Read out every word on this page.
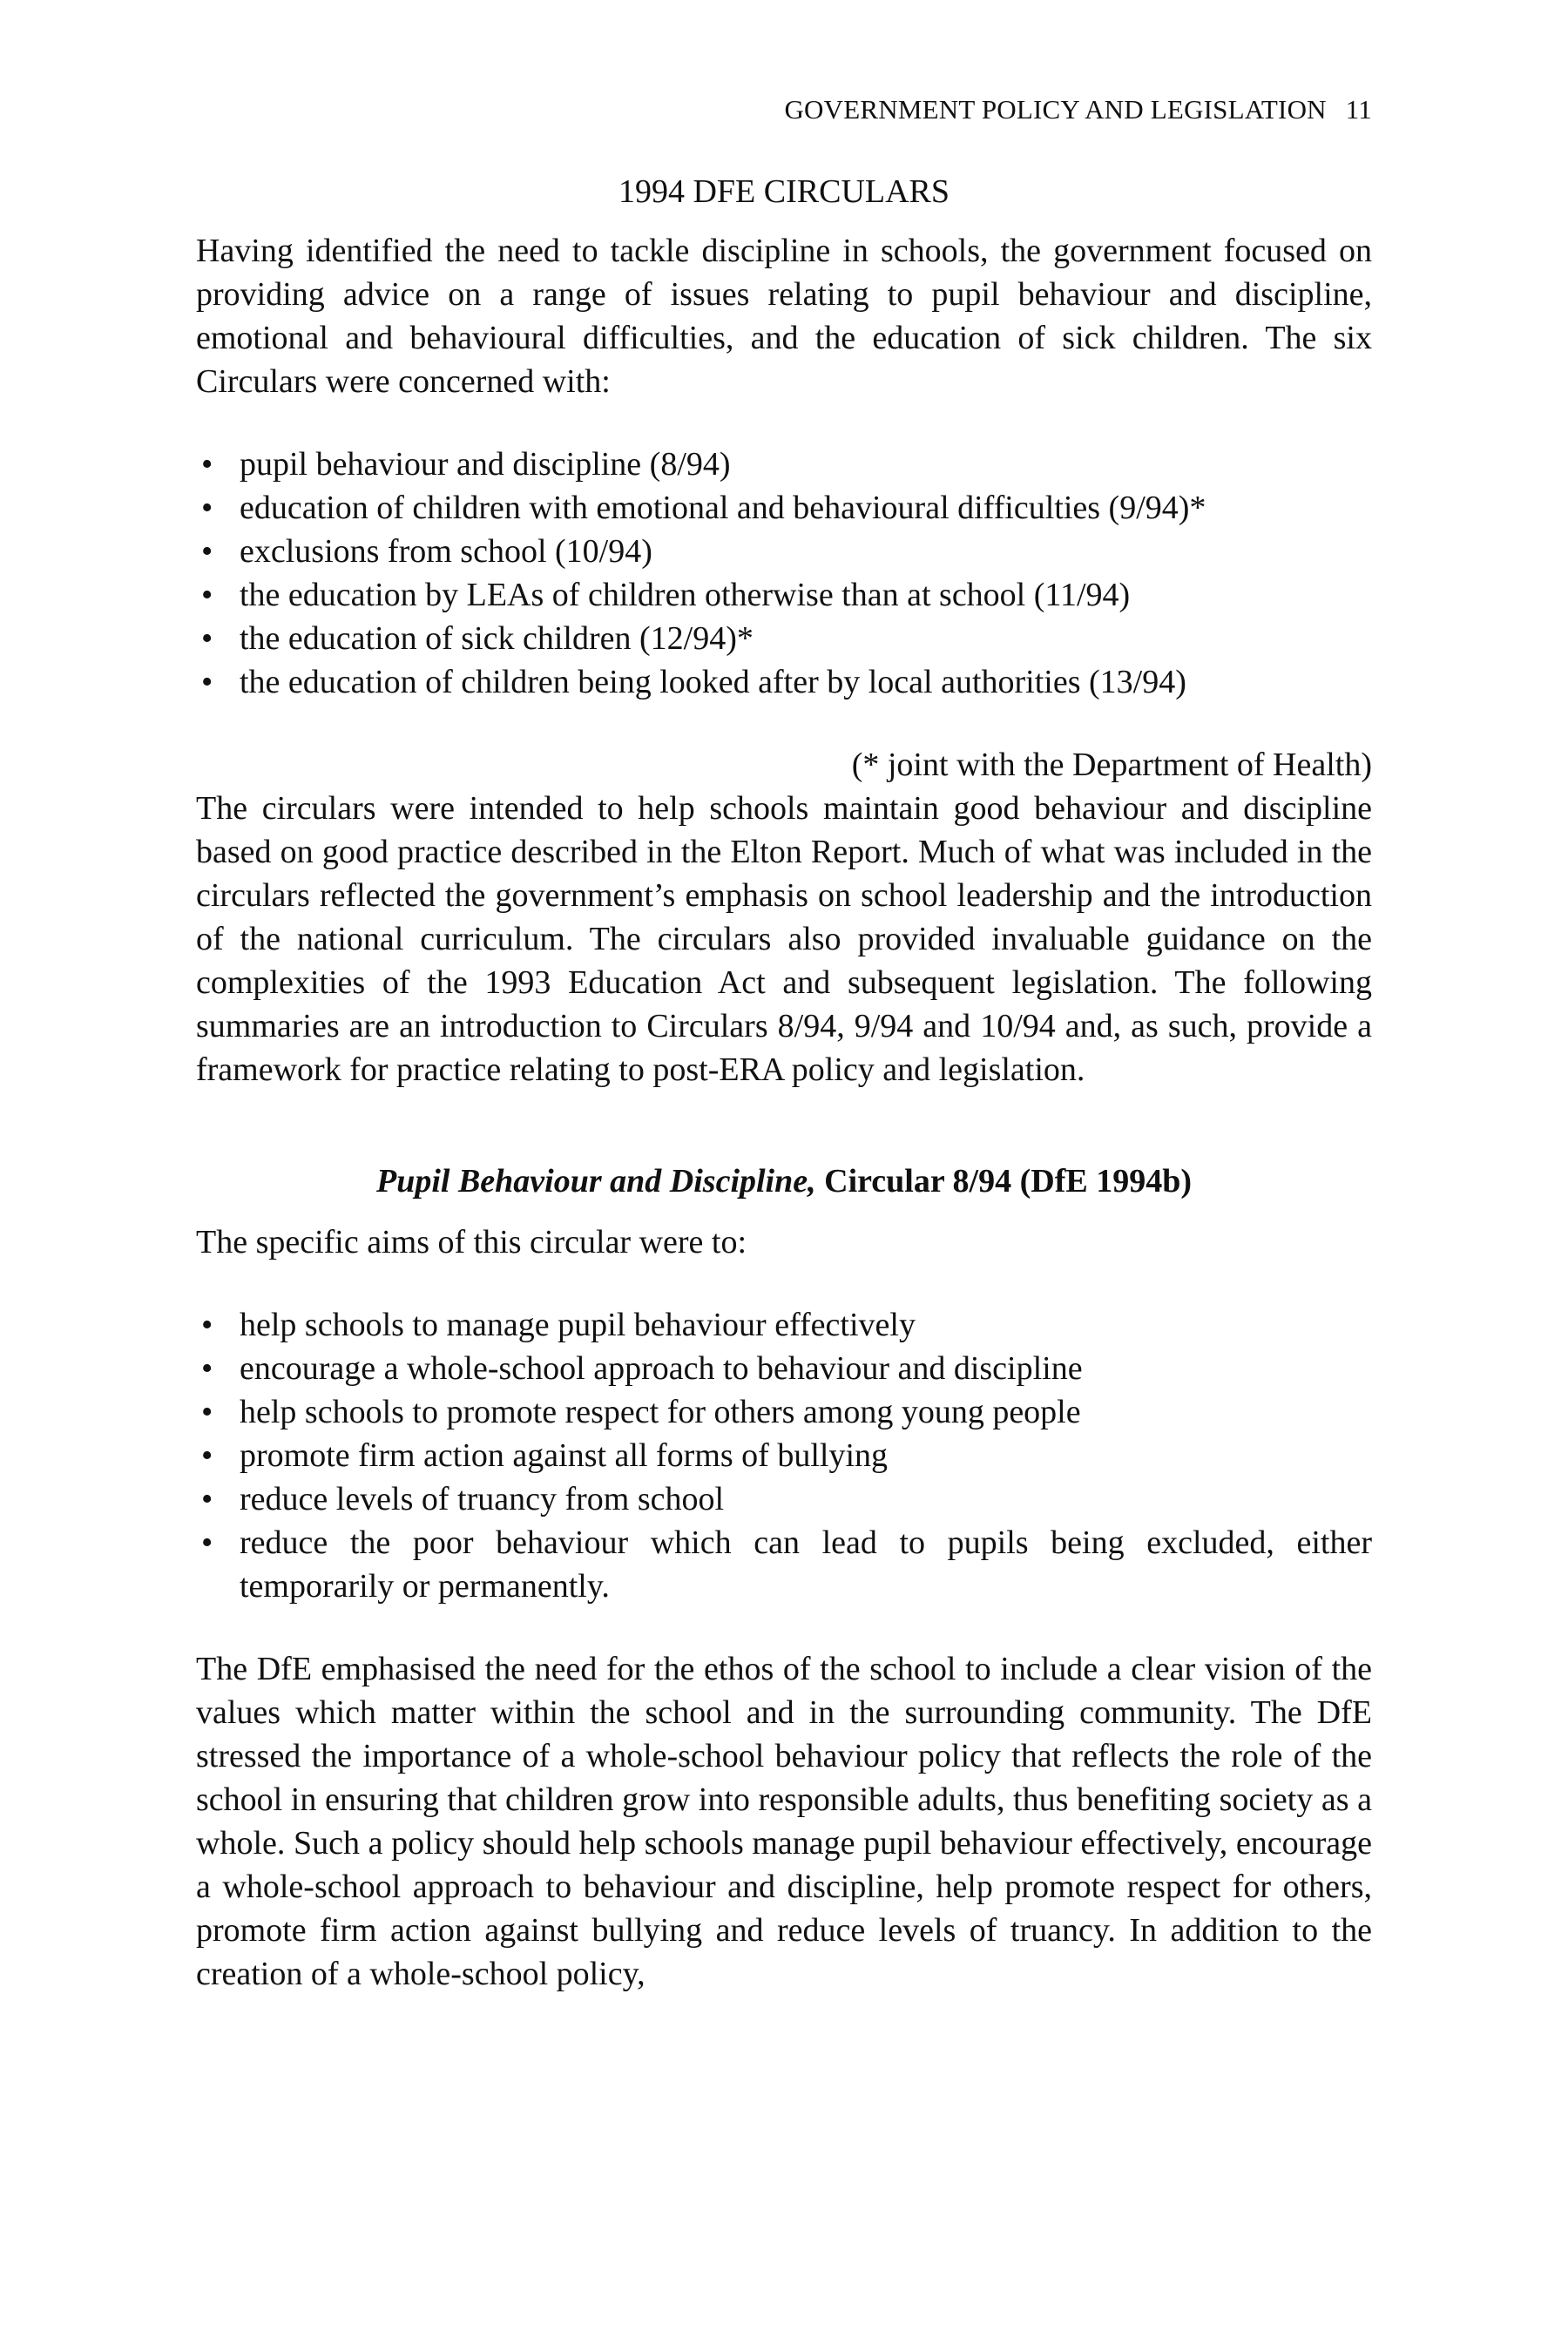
GOVERNMENT POLICY AND LEGISLATION 11
1994 DFE CIRCULARS

Having identified the need to tackle discipline in schools, the government focused on providing advice on a range of issues relating to pupil behaviour and discipline, emotional and behavioural difficulties, and the education of sick children. The six Circulars were concerned with:

• pupil behaviour and discipline (8/94)
• education of children with emotional and behavioural difficulties (9/94)*
• exclusions from school (10/94)
• the education by LEAs of children otherwise than at school (11/94)
• the education of sick children (12/94)*
• the education of children being looked after by local authorities (13/94)
(* joint with the Department of Health)

The circulars were intended to help schools maintain good behaviour and discipline based on good practice described in the Elton Report. Much of what was included in the circulars reflected the government’s emphasis on school leadership and the introduction of the national curriculum. The circulars also provided invaluable guidance on the complexities of the 1993 Education Act and subsequent legislation. The following summaries are an introduction to Circulars 8/94, 9/94 and 10/94 and, as such, provide a framework for practice relating to post-ERA policy and legislation.

Pupil Behaviour and Discipline, Circular 8/94 (DfE 1994b)

The specific aims of this circular were to:

• help schools to manage pupil behaviour effectively
• encourage a whole-school approach to behaviour and discipline
• help schools to promote respect for others among young people
• promote firm action against all forms of bullying
• reduce levels of truancy from school
• reduce the poor behaviour which can lead to pupils being excluded, either temporarily or permanently.

The DfE emphasised the need for the ethos of the school to include a clear vision of the values which matter within the school and in the surrounding community. The DfE stressed the importance of a whole-school behaviour policy that reflects the role of the school in ensuring that children grow into responsible adults, thus benefiting society as a whole. Such a policy should help schools manage pupil behaviour effectively, encourage a whole-school approach to behaviour and discipline, help promote respect for others, promote firm action against bullying and reduce levels of truancy. In addition to the creation of a whole-school policy,
